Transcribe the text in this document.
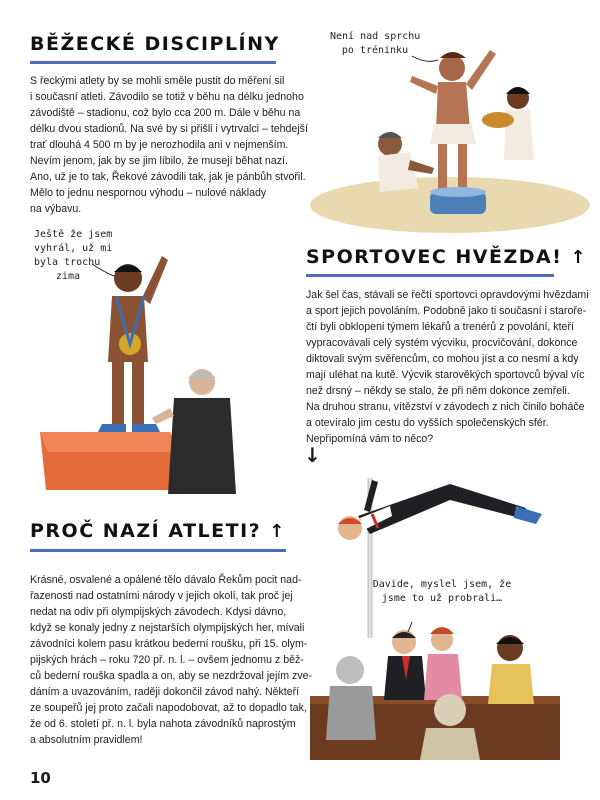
BĚŽECKÉ DISCIPLÍNY
S řeckými atlety by se mohli směle pustit do měření sil
i současní atleti. Závodilo se totiž v běhu na délku jednoho
závodiště – stadionu, což bylo cca 200 m. Dále v běhu na
délku dvou stadionů. Na své by si přišli i vytrvalci – tehdejší
trať dlouhá 4 500 m by je nerozhodila ani v nejmenším.
Nevím jenom, jak by se jim líbilo, že musejí běhat nazí.
Ano, už je to tak, Řekové závodili tak, jak je pánbůh stvořil.
Mělo to jednu nespornou výhodu – nulové náklady
na výbavu.

Není nad sprchu
po tréninku

Ještě že jsem
vyhrál, už mi
byla trochu
zima

SPORTOVEC HVĚZDA! ↑
Jak šel čas, stávali se řečtí sportovci opravdovými hvězdami
a sport jejich povoláním. Podobně jako ti současní i staroře-
čtí byli obklopeni týmem lékařů a trenérů z povolání, kteří
vypracovávali celý systém výcviku, procvičování, dokonce
diktovali svým svěřencům, co mohou jíst a co nesmí a kdy
mají uléhat na kutě. Výcvik starověkých sportovců býval víc
než drsný – někdy se stalo, že při něm dokonce zemřeli.
Na druhou stranu, vítězství v závodech z nich činilo boháče
a otevíralo jim cestu do vyšších společenských sfér.
Nepřipomíná vám to něco?

↓

Davide, myslel jsem, že
jsme to už probrali…

PROČ NAZÍ ATLETI? ↑
Krásné, osvalené a opálené tělo dávalo Řekům pocit nad-
řazenosti nad ostatními národy v jejich okolí, tak proč jej
nedat na odiv při olympijských závodech. Kdysi dávno,
když se konaly jedny z nejstarších olympijských her, mívali
závodníci kolem pasu krátkou bederní roušku, při 15. olym-
pijských hrách – roku 720 př. n. l. – ovšem jednomu z běž-
ců bederní rouška spadla a on, aby se nezdržoval jejím zve-
dáním a uvazováním, raději dokončil závod nahý. Někteří
ze soupeřů jej proto začali napodobovat, až to dopadlo tak,
že od 6. století př. n. l. byla nahota závodníků naprostým
a absolutním pravidlem!

10
